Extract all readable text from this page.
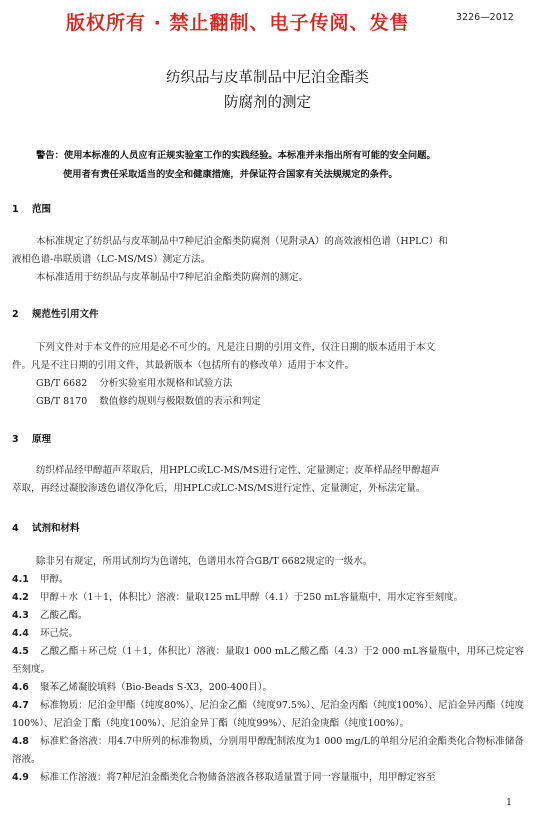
版权所有 · 禁止翻制、电子传阅、发售	3226—2012
纺织品与皮革制品中尼泊金酯类
防腐剂的测定
警告：使用本标准的人员应有正规实验室工作的实践经验。本标准并未指出所有可能的安全问题。
使用者有责任采取适当的安全和健康措施，并保证符合国家有关法规规定的条件。
1 范围
本标准规定了纺织品与皮革制品中7种尼泊金酯类防腐剂（见附录A）的高效液相色谱（HPLC）和
液相色谱-串联质谱（LC-MS/MS）测定方法。
本标准适用于纺织品与皮革制品中7种尼泊金酯类防腐剂的测定。
2 规范性引用文件
下列文件对于本文件的应用是必不可少的。凡是注日期的引用文件，仅注日期的版本适用于本文
件。凡是不注日期的引用文件，其最新版本（包括所有的修改单）适用于本文件。
GB/T 6682    分析实验室用水规格和试验方法
GB/T 8170    数值修约规则与极限数值的表示和判定
3 原理
纺织样品经甲醇超声萃取后，用HPLC或LC-MS/MS进行定性、定量测定；皮革样品经甲醇超声
萃取，再经过凝胶渗透色谱仪净化后，用HPLC或LC-MS/MS进行定性、定量测定，外标法定量。
4 试剂和材料
除非另有规定，所用试剂均为色谱纯，色谱用水符合GB/T 6682规定的一级水。
4.1 甲醇。
4.2 甲醇＋水（1＋1，体积比）溶液：量取125 mL甲醇（4.1）于250 mL容量瓶中，用水定容至刻度。
4.3 乙酸乙酯。
4.4 环己烷。
4.5 乙酸乙酯＋环己烷（1＋1，体积比）溶液：量取1 000 mL乙酸乙酯（4.3）于2 000 mL容量瓶中，用环己烷定容至刻度。
4.6 聚苯乙烯凝胶填料（Bio-Beads S-X3，200-400目）。
4.7 标准物质：尼泊金甲酯（纯度80%）、尼泊金乙酯（纯度97.5%）、尼泊金丙酯（纯度100%）、尼泊金异丙酯（纯度100%）、尼泊金丁酯（纯度100%）、尼泊金异丁酯（纯度99%）、尼泊金庚酯（纯度100%）。
4.8 标准贮备溶液：用4.7中所列的标准物质，分别用甲醇配制浓度为1 000 mg/L的单组分尼泊金酯类化合物标准储备溶液。
4.9 标准工作溶液：将7种尼泊金酯类化合物储备溶液各移取适量置于同一容量瓶中，用甲醇定容至
1
